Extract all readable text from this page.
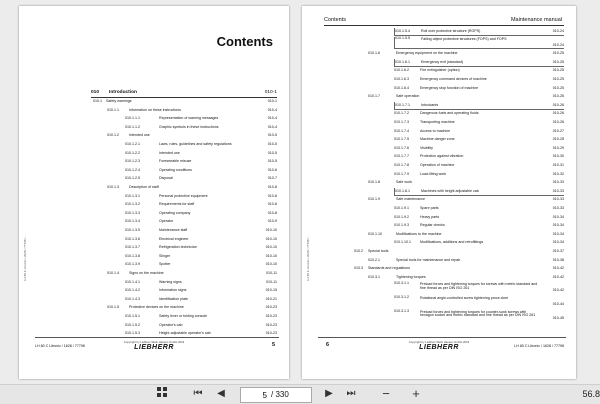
Contents
010 Introduction	010-1
010.1 Safety warnings	010-1
010.1.1	Information on these instructions	010-4
010.1.1.1	Representation of warning messages	010-4
010.1.1.2	Graphic symbols in these instructions	010-4
010.1.2	Intended use	010-5
010.1.2.1	Laws, rules, guidelines and safety regulations	010-5
010.1.2.2	Intended use	010-5
010.1.2.3	Foreseeable misuse	010-5
010.1.2.4	Operating conditions	010-6
010.1.2.5	Disposal	010-7
010.1.3	Description of staff	010-8
010.1.3.1	Personal protective equipment	010-8
010.1.3.2	Requirements for staff	010-8
010.1.3.3	Operating company	010-8
010.1.3.4	Operator	010-9
010.1.3.5	Maintenance staff	010-10
010.1.3.6	Electrical engineer	010-10
010.1.3.7	Refrigeration technician	010-10
010.1.3.8	Slinger	010-10
010.1.3.9	Spotter	010-10
010.1.4	Signs on the machine	010-11
010.1.4.1	Warning signs	010-11
010.1.4.2	Information signs	010-15
010.1.4.3	Identification plate	010-21
010.1.5	Protective devices on the machine	010-23
010.1.5.1	Safety lever or folding console	010-23
010.1.5.2	Operator's cab	010-23
010.1.5.3	Height-adjustable operator's cab	010-23
LH 80 C Litronic / 2028 / 77798 / ...
LH 80 C Litronic / 1628 / 77798
Copyright by Liebherr-Werk Hausen GmbH 2019
LIEBHERR	5
Contents	Maintenance manual
010.1.5.4	Roll over protective structure (ROPS)	010-24
010.1.5.5	Falling object protective structures (FOPS) and FOPS
010-24
010.1.6	Emergency equipment on the machine	010-25
010.1.6.1	Emergency exit (standard)	010-25
010.1.6.2	Fire extinguisher (option)	010-25
010.1.6.3	Emergency command devices of machine	010-25
010.1.6.4	Emergency stop function of machine	010-25
010.1.7	Safe operation	010-26
010.1.7.1	Intoxicants	010-26
010.1.7.2	Dangerous fuels and operating fluids	010-26
010.1.7.3	Transporting machine	010-26
010.1.7.4	Access to machine	010-27
010.1.7.5	Machine danger zone	010-28
010.1.7.6	Visibility	010-29
010.1.7.7	Protection against vibration	010-30
010.1.7.8	Operation of machine	010-31
010.1.7.9	Load-lifting work	010-32
010.1.8	Safe work	010-33
010.1.8.1	Machines with height adjustable cab	010-33
010.1.9	Safe maintenance	010-33
010.1.9.1	Spare parts	010-33
010.1.9.2	Heavy parts	010-34
010.1.9.3	Regular checks	010-34
010.1.10	Modifications to the machine	010-34
010.1.10.1	Modifications, additions and retrofittings	010-34
010.2 Special tools	010-37
010.2.1	Special tools for maintenance and repair	010-38
010.3 Standards and regulations	010-42
010.3.1	Tightening torques	010-42
010.3.1.1	Preload forces and tightening torques for screws with metric standard and fine thread as per DIN ISO 261
010-42
010.3.1.2	Rotational angle-controlled screw tightening proce-dure
010-44
010.3.1.3	Preload forces and tightening torques for counter-sunk screws with hexagon socket and metric standard and fine thread as per DIN ISO 261
010-45
LH 80 C Litronic / 2028 / 77798 / ...
6	Copyright by Liebherr-Werk Hausen GmbH 2019
LIEBHERR	LH 80 C Litronic / 1628 / 77798
⏮	◀
5	/ 330	▶	⏭	−	+	56.8
